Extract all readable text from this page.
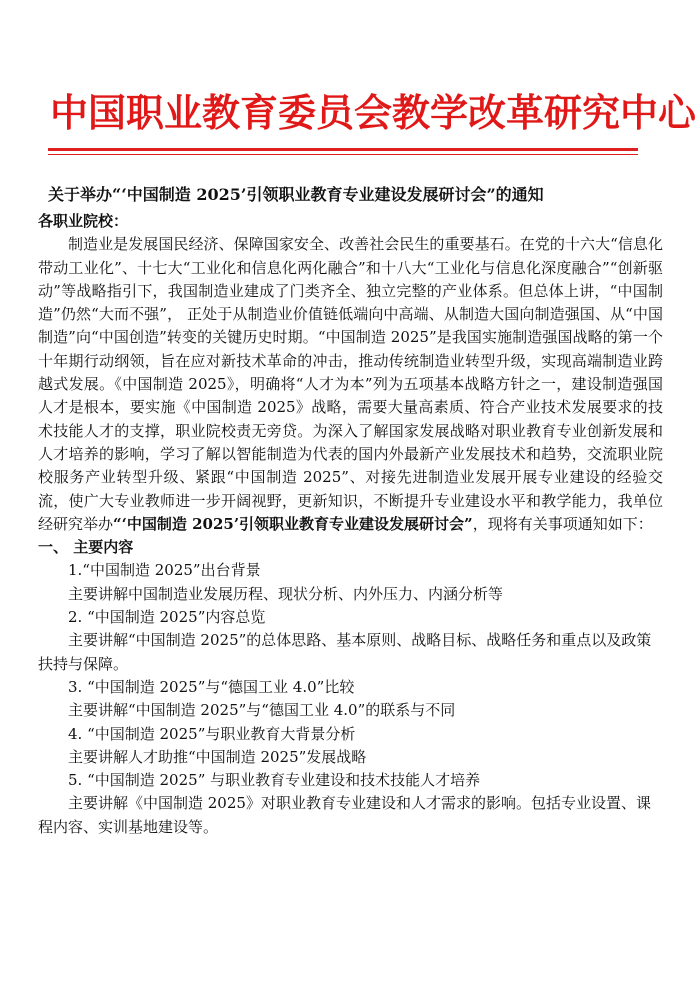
中国职业教育委员会教学改革研究中心
关于举办“‘中国制造 2025’引领职业教育专业建设发展研讨会”的通知

各职业院校：

制造业是发展国民经济、保障国家安全、改善社会民生的重要基石。在党的十六大“信息化带动工业化”、十七大“工业化和信息化两化融合”和十八大“工业化与信息化深度融合”“创新驱动”等战略指引下，我国制造业建成了门类齐全、独立完整的产业体系。但总体上讲，“中国制造”仍然“大而不强”， 正处于从制造业价值链低端向中高端、从制造大国向制造强国、从“中国制造”向“中国创造”转变的关键历史时期。“中国制造 2025”是我国实施制造强国战略的第一个十年期行动纲领，旨在应对新技术革命的冲击，推动传统制造业转型升级，实现高端制造业跨越式发展。《中国制造 2025》，明确将“人才为本”列为五项基本战略方针之一，建设制造强国人才是根本，要实施《中国制造 2025》战略，需要大量高素质、符合产业技术发展要求的技术技能人才的支撑，职业院校责无旁贷。为深入了解国家发展战略对职业教育专业创新发展和人才培养的影响，学习了解以智能制造为代表的国内外最新产业发展技术和趋势，交流职业院校服务产业转型升级、紧跟“中国制造 2025”、对接先进制造业发展开展专业建设的经验交流，使广大专业教师进一步开阔视野，更新知识，不断提升专业建设水平和教学能力，我单位经研究举办“‘中国制造 2025’引领职业教育专业建设发展研讨会”，现将有关事项通知如下：

一、 主要内容

1.“中国制造 2025”出台背景

主要讲解中国制造业发展历程、现状分析、内外压力、内涵分析等

2. “中国制造 2025”内容总览

主要讲解“中国制造 2025”的总体思路、基本原则、战略目标、战略任务和重点以及政策扶持与保障。

3. “中国制造 2025”与“德国工业 4.0”比较

主要讲解“中国制造 2025”与“德国工业 4.0”的联系与不同

4. “中国制造 2025”与职业教育大背景分析

主要讲解人才助推“中国制造 2025”发展战略

5. “中国制造 2025” 与职业教育专业建设和技术技能人才培养

主要讲解《中国制造 2025》对职业教育专业建设和人才需求的影响。包括专业设置、课程内容、实训基地建设等。
